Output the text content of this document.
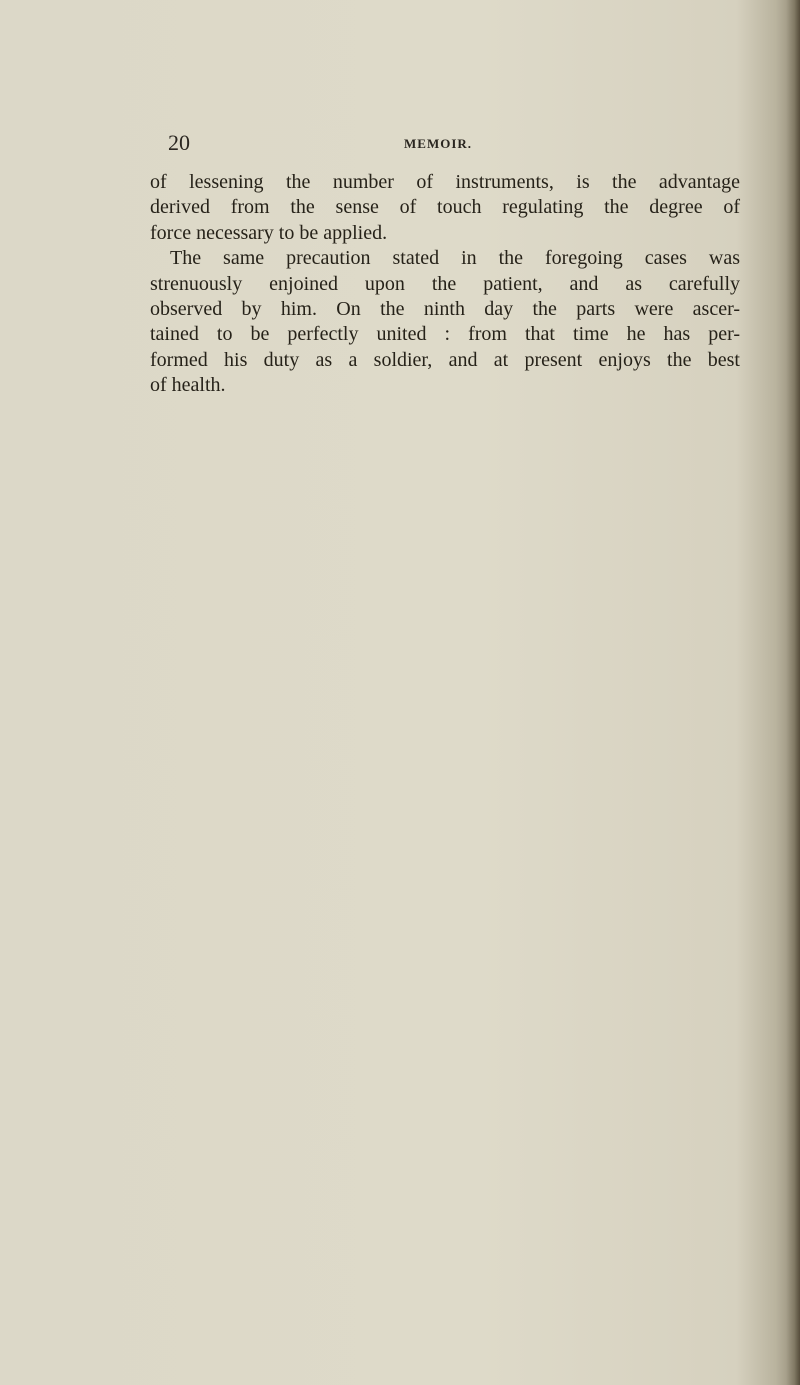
20	MEMOIR.
of lessening the number of instruments, is the advantage
derived from the sense of touch regulating the degree of
force necessary to be applied.
The same precaution stated in the foregoing cases was
strenuously enjoined upon the patient, and as carefully
observed by him. On the ninth day the parts were ascer-
tained to be perfectly united : from that time he has per-
formed his duty as a soldier, and at present enjoys the best
of health.
